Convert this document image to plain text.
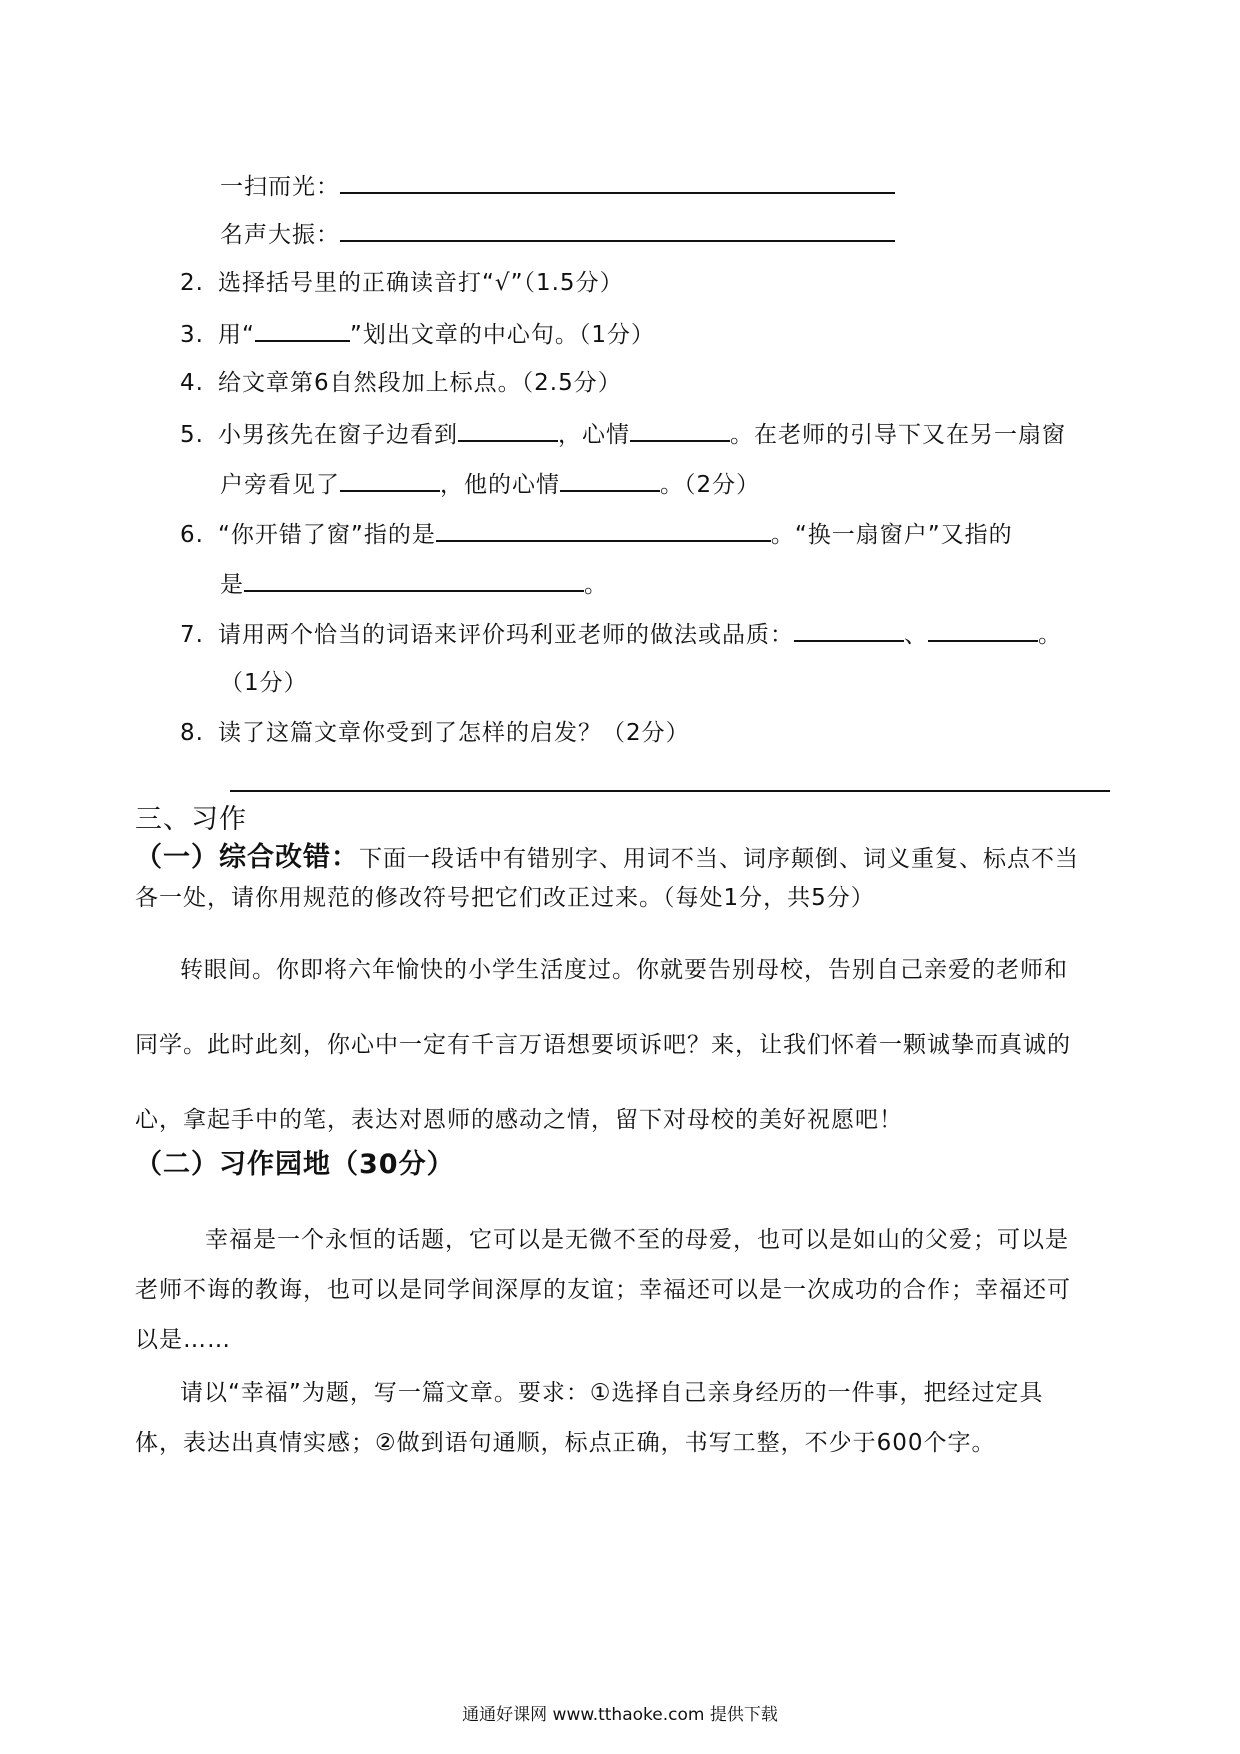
一扫而光：
名声大振：
2. 选择括号里的正确读音打“√”（1.5分）
3. 用“	”划出文章的中心句。（1分）
4. 给文章第6自然段加上标点。（2.5分）
5. 小男孩先在窗子边看到	，心情	。在老师的引导下又在另一扇窗
户旁看见了	，他的心情	。（2分）
6. “你开错了窗”指的是	。“换一扇窗户”又指的
是	。
7. 请用两个恰当的词语来评价玛利亚老师的做法或品质：	、	。
（1分）
8. 读了这篇文章你受到了怎样的启发？（2分）
三、习作
（一）综合改错：下面一段话中有错别字、用词不当、词序颠倒、词义重复、标点不当
各一处，请你用规范的修改符号把它们改正过来。（每处1分，共5分）
转眼间。你即将六年愉快的小学生活度过。你就要告别母校，告别自己亲爱的老师和
同学。此时此刻，你心中一定有千言万语想要顷诉吧？来，让我们怀着一颗诚挚而真诚的
心，拿起手中的笔，表达对恩师的感动之情，留下对母校的美好祝愿吧！
（二）习作园地（30分）
幸福是一个永恒的话题，它可以是无微不至的母爱，也可以是如山的父爱；可以是
老师不诲的教诲，也可以是同学间深厚的友谊；幸福还可以是一次成功的合作；幸福还可
以是……
请以“幸福”为题，写一篇文章。要求：①选择自己亲身经历的一件事，把经过定具
体，表达出真情实感；②做到语句通顺，标点正确，书写工整，不少于600个字。
通通好课网 www.tthaoke.com 提供下载
